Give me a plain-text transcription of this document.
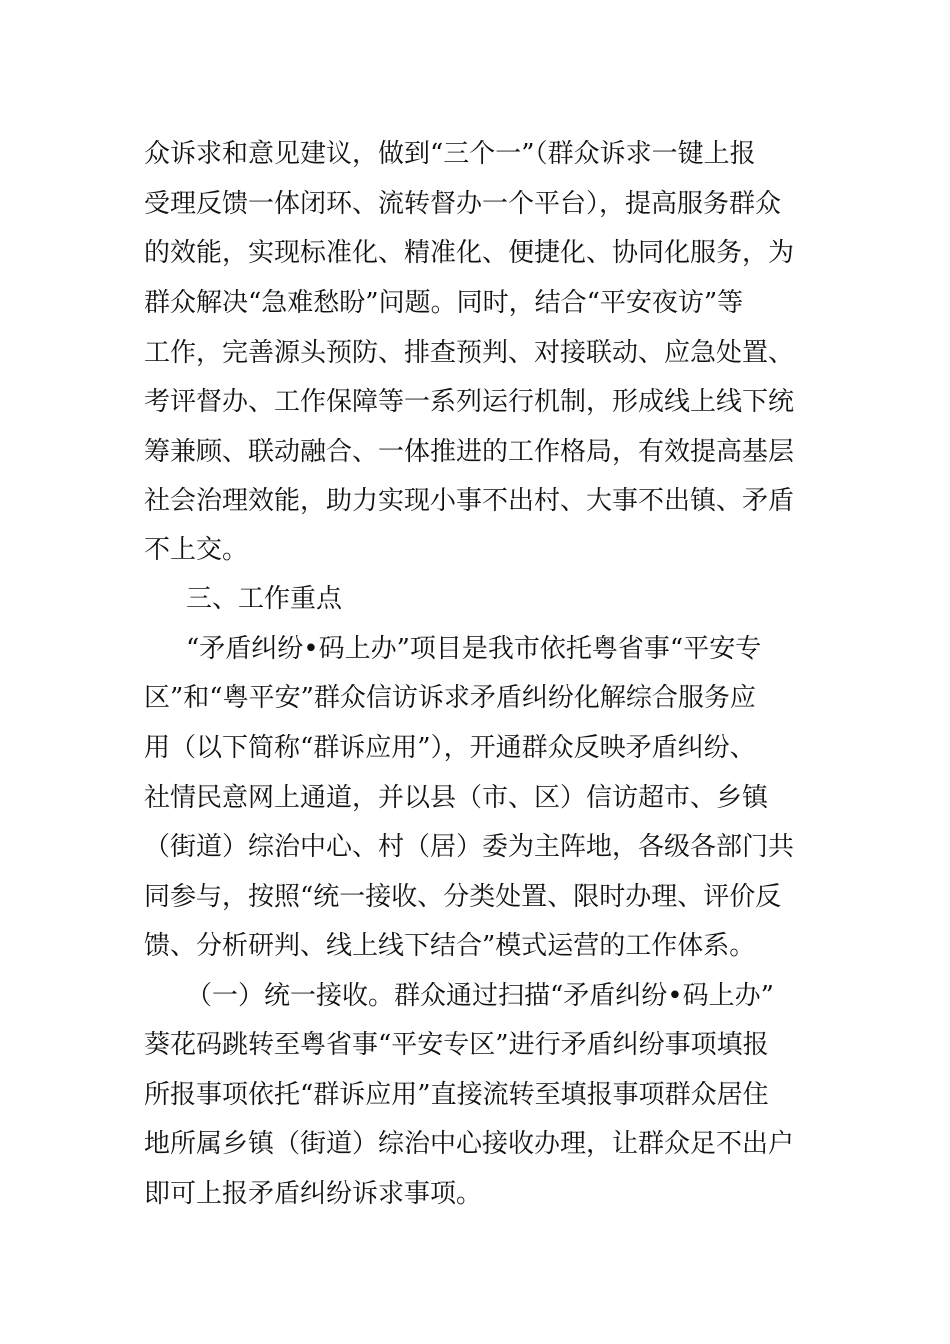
众诉求和意见建议，做到“三个一”（群众诉求一键上报
受理反馈一体闭环、流转督办一个平台），提高服务群众
的效能，实现标准化、精准化、便捷化、协同化服务，为
群众解决“急难愁盼”问题。同时，结合“平安夜访”等
工作，完善源头预防、排查预判、对接联动、应急处置、
考评督办、工作保障等一系列运行机制，形成线上线下统
筹兼顾、联动融合、一体推进的工作格局，有效提高基层
社会治理效能，助力实现小事不出村、大事不出镇、矛盾
不上交。
三、工作重点
“矛盾纠纷•码上办”项目是我市依托粤省事“平安专
区”和“粤平安”群众信访诉求矛盾纠纷化解综合服务应
用（以下简称“群诉应用”），开通群众反映矛盾纠纷、
社情民意网上通道，并以县（市、区）信访超市、乡镇
（街道）综治中心、村（居）委为主阵地，各级各部门共
同参与，按照“统一接收、分类处置、限时办理、评价反
馈、分析研判、线上线下结合”模式运营的工作体系。
（一）统一接收。群众通过扫描“矛盾纠纷•码上办”
葵花码跳转至粤省事“平安专区”进行矛盾纠纷事项填报
所报事项依托“群诉应用”直接流转至填报事项群众居住
地所属乡镇（街道）综治中心接收办理，让群众足不出户
即可上报矛盾纠纷诉求事项。
